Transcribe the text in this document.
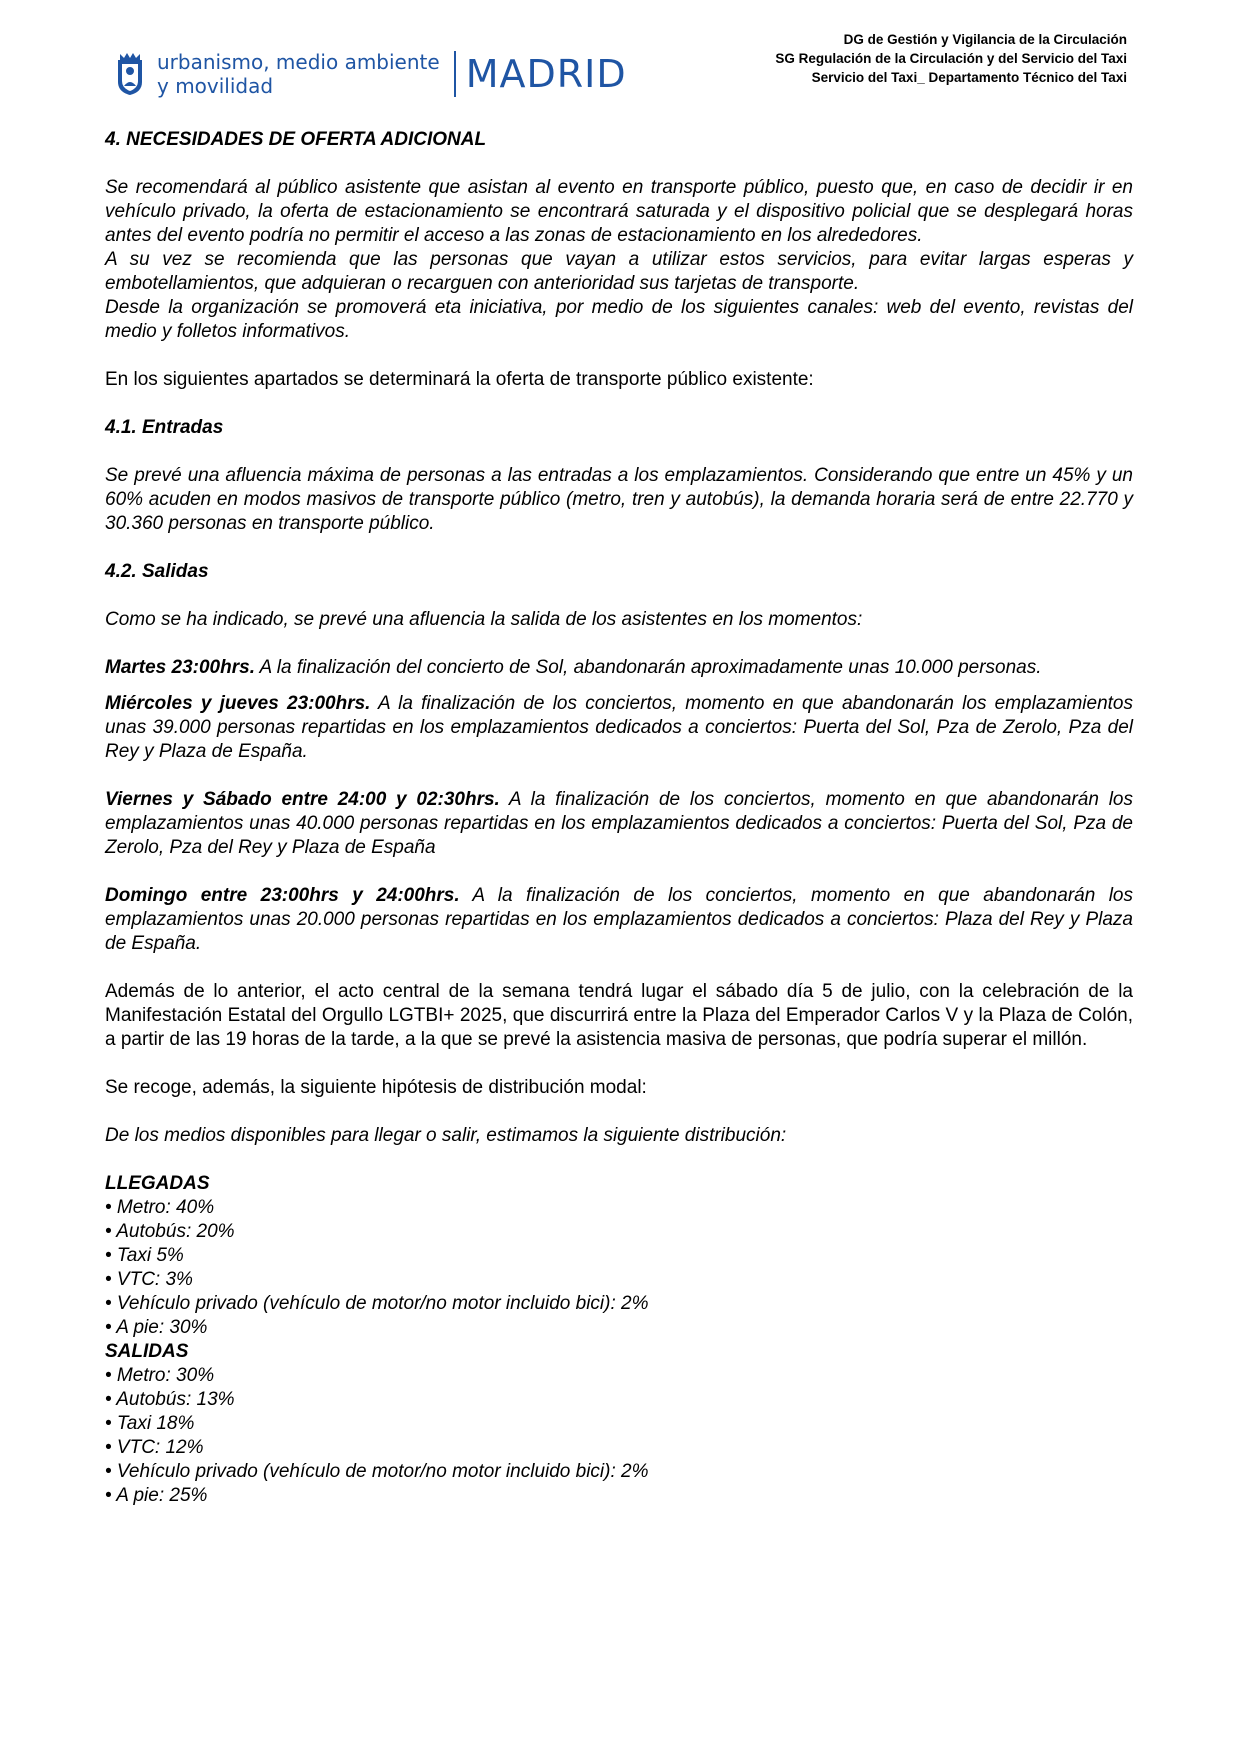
urbanismo, medio ambiente
y movilidad	MADRID
DG de Gestión y Vigilancia de la Circulación
SG Regulación de la Circulación y del Servicio del Taxi
Servicio del Taxi_ Departamento Técnico del Taxi

4. NECESIDADES DE OFERTA ADICIONAL

Se recomendará al público asistente que asistan al evento en transporte público, puesto que, en caso de decidir ir en vehículo privado, la oferta de estacionamiento se encontrará saturada y el dispositivo policial que se desplegará horas antes del evento podría no permitir el acceso a las zonas de estacionamiento en los alrededores.

A su vez se recomienda que las personas que vayan a utilizar estos servicios, para evitar largas esperas y embotellamientos, que adquieran o recarguen con anterioridad sus tarjetas de transporte.

Desde la organización se promoverá eta iniciativa, por medio de los siguientes canales: web del evento, revistas del medio y folletos informativos.

En los siguientes apartados se determinará la oferta de transporte público existente:

4.1. Entradas

Se prevé una afluencia máxima de personas a las entradas a los emplazamientos. Considerando que entre un 45% y un 60% acuden en modos masivos de transporte público (metro, tren y autobús), la demanda horaria será de entre 22.770 y 30.360 personas en transporte público.

4.2. Salidas

Como se ha indicado, se prevé una afluencia la salida de los asistentes en los momentos:

Martes 23:00hrs. A la finalización del concierto de Sol, abandonarán aproximadamente unas 10.000 personas.

Miércoles y jueves 23:00hrs. A la finalización de los conciertos, momento en que abandonarán los emplazamientos unas 39.000 personas repartidas en los emplazamientos dedicados a conciertos: Puerta del Sol, Pza de Zerolo, Pza del Rey y Plaza de España.

Viernes y Sábado entre 24:00 y 02:30hrs. A la finalización de los conciertos, momento en que abandonarán los emplazamientos unas 40.000 personas repartidas en los emplazamientos dedicados a conciertos: Puerta del Sol, Pza de Zerolo, Pza del Rey y Plaza de España

Domingo entre 23:00hrs y 24:00hrs. A la finalización de los conciertos, momento en que abandonarán los emplazamientos unas 20.000 personas repartidas en los emplazamientos dedicados a conciertos: Plaza del Rey y Plaza de España.

Además de lo anterior, el acto central de la semana tendrá lugar el sábado día 5 de julio, con la celebración de la Manifestación Estatal del Orgullo LGTBI+ 2025, que discurrirá entre la Plaza del Emperador Carlos V y la Plaza de Colón, a partir de las 19 horas de la tarde, a la que se prevé la asistencia masiva de personas, que podría superar el millón.

Se recoge, además, la siguiente hipótesis de distribución modal:

De los medios disponibles para llegar o salir, estimamos la siguiente distribución:

LLEGADAS

• Metro: 40%

• Autobús: 20%

• Taxi 5%

• VTC: 3%

• Vehículo privado (vehículo de motor/no motor incluido bici): 2%

• A pie: 30%

SALIDAS

• Metro: 30%

• Autobús: 13%

• Taxi 18%

• VTC: 12%

• Vehículo privado (vehículo de motor/no motor incluido bici): 2%

• A pie: 25%
